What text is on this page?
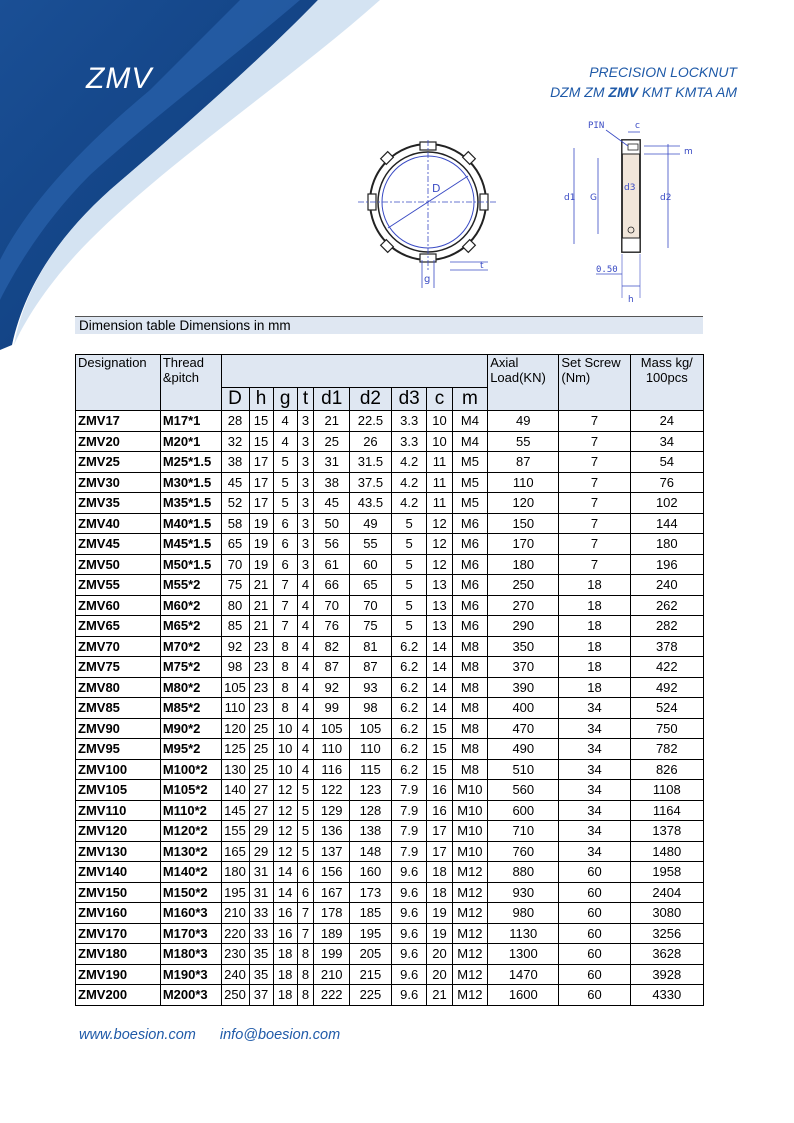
ZMV	PRECISION LOCKNUT
DZM ZM ZMV KMT KMTA AM
D
g
t
PIN	c
m
d3
d1 G	d2
0.50
h
Dimension table Dimensions in mm
Designation	Thread &pitch										Axial Load(KN)	Set Screw (Nm)	Mass kg/ 100pcs
		D	h	g	t	d1	d2	d3	c	m			
ZMV17	M17*1	28	15	4	3	21	22.5	3.3	10	M4	49	7	24
ZMV20	M20*1	32	15	4	3	25	26	3.3	10	M4	55	7	34
ZMV25	M25*1.5	38	17	5	3	31	31.5	4.2	11	M5	87	7	54
ZMV30	M30*1.5	45	17	5	3	38	37.5	4.2	11	M5	110	7	76
ZMV35	M35*1.5	52	17	5	3	45	43.5	4.2	11	M5	120	7	102
ZMV40	M40*1.5	58	19	6	3	50	49	5	12	M6	150	7	144
ZMV45	M45*1.5	65	19	6	3	56	55	5	12	M6	170	7	180
ZMV50	M50*1.5	70	19	6	3	61	60	5	12	M6	180	7	196
ZMV55	M55*2	75	21	7	4	66	65	5	13	M6	250	18	240
ZMV60	M60*2	80	21	7	4	70	70	5	13	M6	270	18	262
ZMV65	M65*2	85	21	7	4	76	75	5	13	M6	290	18	282
ZMV70	M70*2	92	23	8	4	82	81	6.2	14	M8	350	18	378
ZMV75	M75*2	98	23	8	4	87	87	6.2	14	M8	370	18	422
ZMV80	M80*2	105	23	8	4	92	93	6.2	14	M8	390	18	492
ZMV85	M85*2	110	23	8	4	99	98	6.2	14	M8	400	34	524
ZMV90	M90*2	120	25	10	4	105	105	6.2	15	M8	470	34	750
ZMV95	M95*2	125	25	10	4	110	110	6.2	15	M8	490	34	782
ZMV100	M100*2	130	25	10	4	116	115	6.2	15	M8	510	34	826
ZMV105	M105*2	140	27	12	5	122	123	7.9	16	M10	560	34	1108
ZMV110	M110*2	145	27	12	5	129	128	7.9	16	M10	600	34	1164
ZMV120	M120*2	155	29	12	5	136	138	7.9	17	M10	710	34	1378
ZMV130	M130*2	165	29	12	5	137	148	7.9	17	M10	760	34	1480
ZMV140	M140*2	180	31	14	6	156	160	9.6	18	M12	880	60	1958
ZMV150	M150*2	195	31	14	6	167	173	9.6	18	M12	930	60	2404
ZMV160	M160*3	210	33	16	7	178	185	9.6	19	M12	980	60	3080
ZMV170	M170*3	220	33	16	7	189	195	9.6	19	M12	1130	60	3256
ZMV180	M180*3	230	35	18	8	199	205	9.6	20	M12	1300	60	3628
ZMV190	M190*3	240	35	18	8	210	215	9.6	20	M12	1470	60	3928
ZMV200	M200*3	250	37	18	8	222	225	9.6	21	M12	1600	60	4330
www.boesion.com info@boesion.com
